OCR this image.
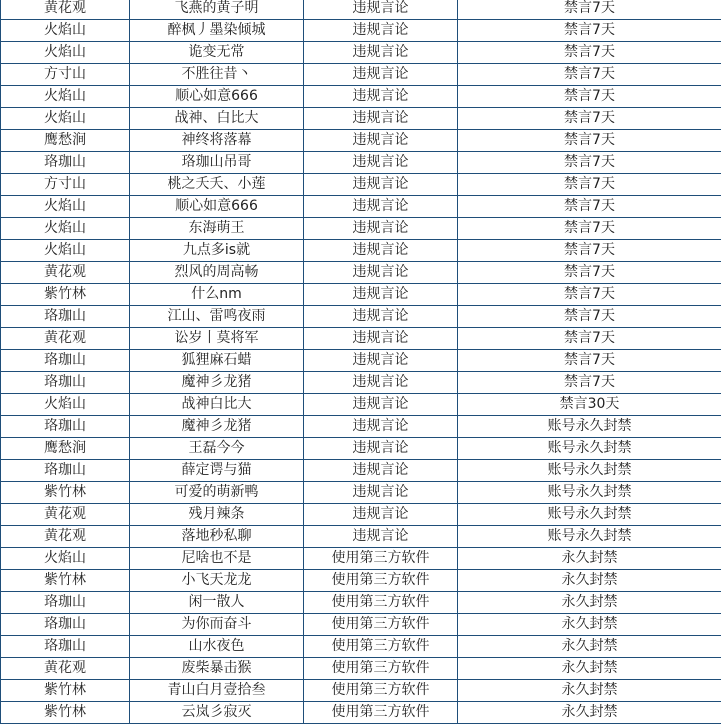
黄花观	飞燕的黄子明	违规言论	禁言7天
火焰山	醉枫丿墨染倾城	违规言论	禁言7天
火焰山	诡变无常	违规言论	禁言7天
方寸山	不胜往昔丶	违规言论	禁言7天
火焰山	顺心如意666	违规言论	禁言7天
火焰山	战神、白比大	违规言论	禁言7天
鹰愁涧	神终将落幕	违规言论	禁言7天
珞珈山	珞珈山吊哥	违规言论	禁言7天
方寸山	桃之夭夭、小莲	违规言论	禁言7天
火焰山	顺心如意666	违规言论	禁言7天
火焰山	东海萌王	违规言论	禁言7天
火焰山	九点多is就	违规言论	禁言7天
黄花观	烈风的周高畅	违规言论	禁言7天
紫竹林	什么nm	违规言论	禁言7天
珞珈山	江山、雷鸣夜雨	违规言论	禁言7天
黄花观	讼岁丨莫将军	违规言论	禁言7天
珞珈山	狐狸麻石蜡	违规言论	禁言7天
珞珈山	魔神彡龙猪	违规言论	禁言7天
火焰山	战神白比大	违规言论	禁言30天
珞珈山	魔神彡龙猪	违规言论	账号永久封禁
鹰愁涧	王磊今今	违规言论	账号永久封禁
珞珈山	薛定谔与猫	违规言论	账号永久封禁
紫竹林	可爱的萌新鸭	违规言论	账号永久封禁
黄花观	残月辣条	违规言论	账号永久封禁
黄花观	落地秒私聊	违规言论	账号永久封禁
火焰山	尼啥也不是	使用第三方软件	永久封禁
紫竹林	小飞天龙龙	使用第三方软件	永久封禁
珞珈山	闲一散人	使用第三方软件	永久封禁
珞珈山	为你而奋斗	使用第三方软件	永久封禁
珞珈山	山水夜色	使用第三方软件	永久封禁
黄花观	废柴暴击猴	使用第三方软件	永久封禁
紫竹林	青山白月壹拾叁	使用第三方软件	永久封禁
紫竹林	云岚彡寂灭	使用第三方软件	永久封禁
